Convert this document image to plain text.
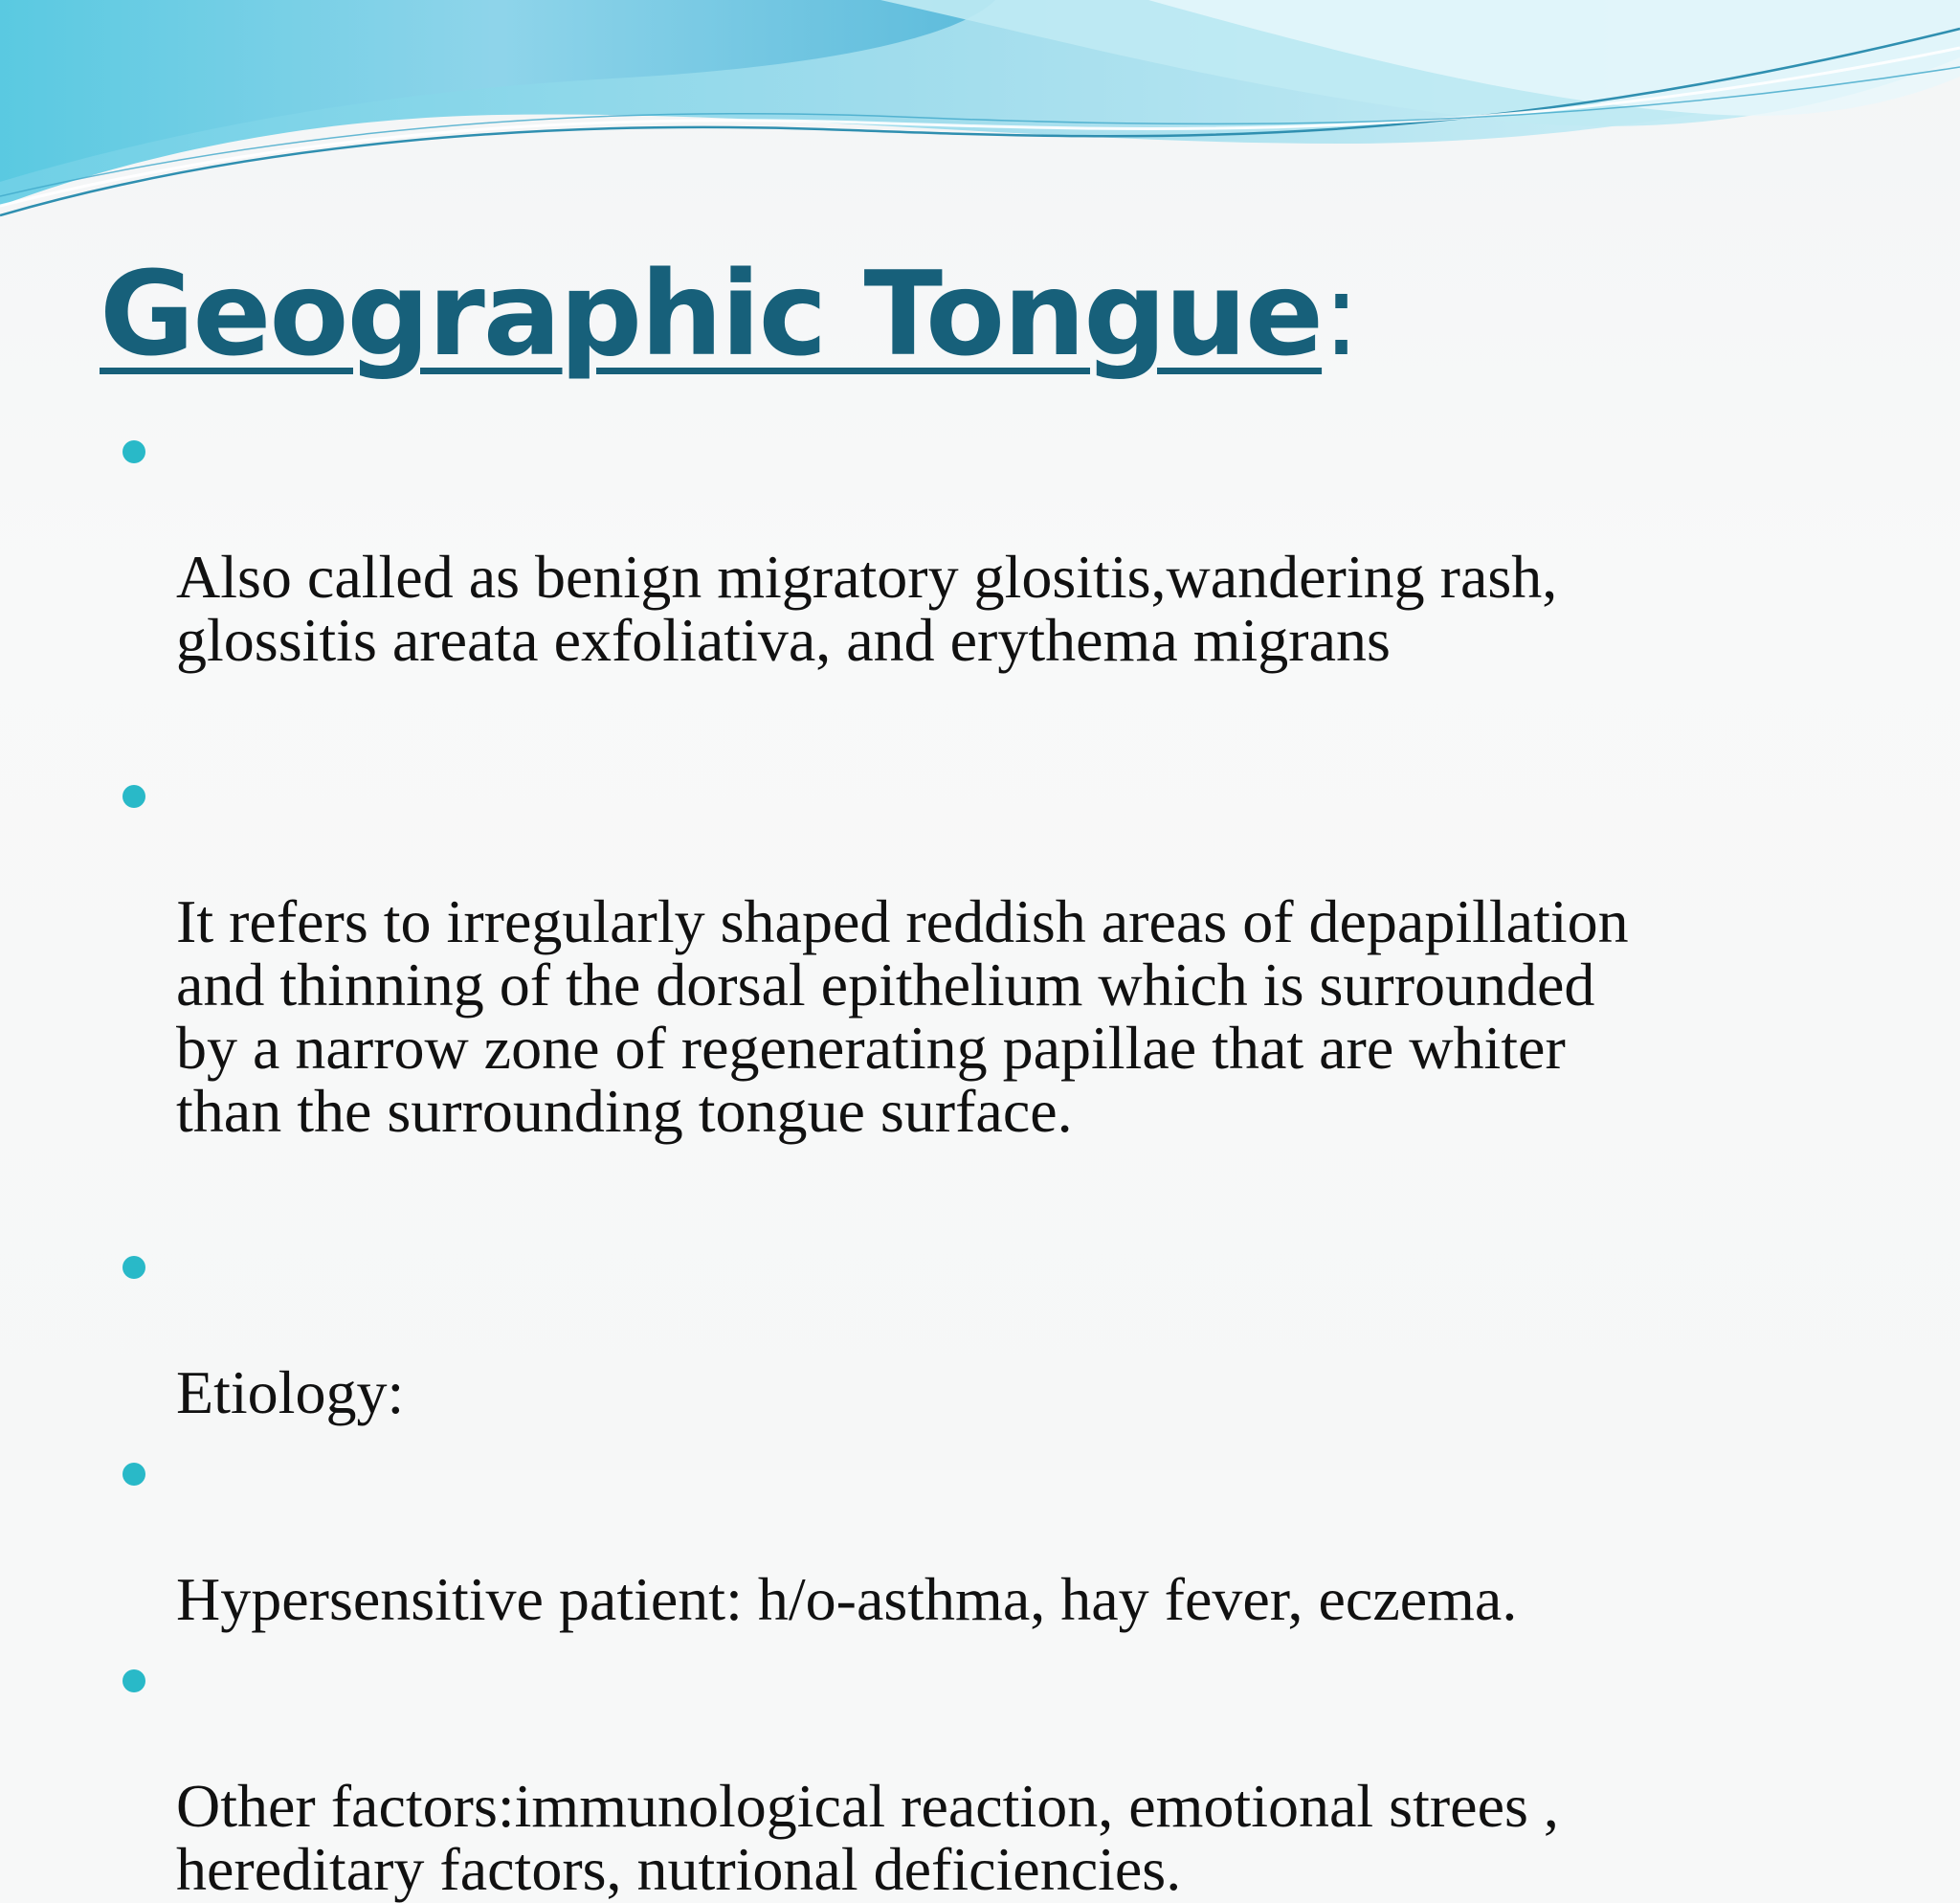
Geographic Tongue:

Also called as benign migratory glositis,wandering rash,
glossitis areata exfoliativa, and erythema migrans

It refers to irregularly shaped reddish areas of depapillation
and thinning of the dorsal epithelium which is surrounded
by a narrow zone of regenerating papillae that are whiter
than the surrounding tongue surface.

Etiology:

Hypersensitive patient: h/o-asthma, hay fever, eczema.

Other factors:immunological reaction, emotional strees ,
hereditary factors, nutrional deficiencies.
